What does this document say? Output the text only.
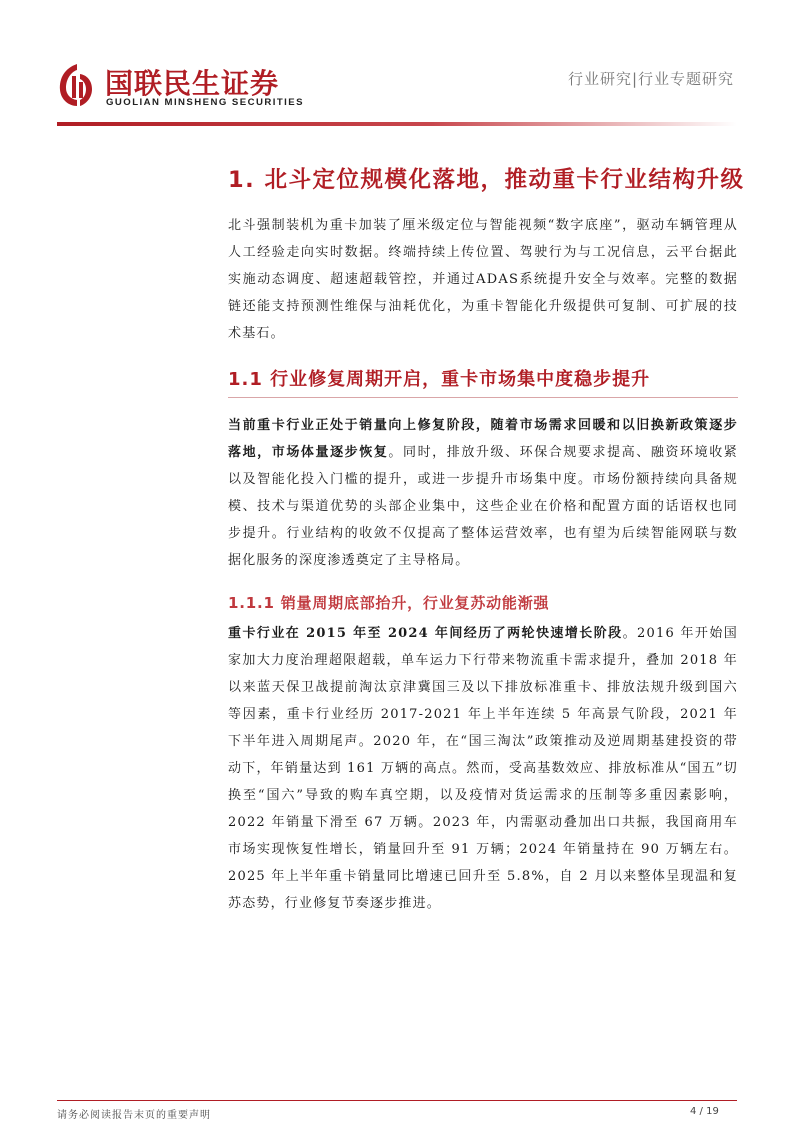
国联民生证券
GUOLIAN MINSHENG SECURITIES
行业研究|行业专题研究
1. 北斗定位规模化落地，推动重卡行业结构升级

北斗强制装机为重卡加装了厘米级定位与智能视频“数字底座”，驱动车辆管理从人工经验走向实时数据。终端持续上传位置、驾驶行为与工况信息，云平台据此实施动态调度、超速超载管控，并通过ADAS系统提升安全与效率。完整的数据链还能支持预测性维保与油耗优化，为重卡智能化升级提供可复制、可扩展的技术基石。

1.1 行业修复周期开启，重卡市场集中度稳步提升

当前重卡行业正处于销量向上修复阶段，随着市场需求回暖和以旧换新政策逐步落地，市场体量逐步恢复。同时，排放升级、环保合规要求提高、融资环境收紧以及智能化投入门槛的提升，或进一步提升市场集中度。市场份额持续向具备规模、技术与渠道优势的头部企业集中，这些企业在价格和配置方面的话语权也同步提升。行业结构的收敛不仅提高了整体运营效率，也有望为后续智能网联与数据化服务的深度渗透奠定了主导格局。

1.1.1 销量周期底部抬升，行业复苏动能渐强

重卡行业在 2015 年至 2024 年间经历了两轮快速增长阶段。2016 年开始国家加大力度治理超限超载，单车运力下行带来物流重卡需求提升，叠加 2018 年以来蓝天保卫战提前淘汰京津冀国三及以下排放标准重卡、排放法规升级到国六等因素，重卡行业经历 2017-2021 年上半年连续 5 年高景气阶段，2021 年下半年进入周期尾声。2020 年，在“国三淘汰”政策推动及逆周期基建投资的带动下，年销量达到 161 万辆的高点。然而，受高基数效应、排放标准从“国五”切换至“国六”导致的购车真空期，以及疫情对货运需求的压制等多重因素影响，2022 年销量下滑至 67 万辆。2023 年，内需驱动叠加出口共振，我国商用车市场实现恢复性增长，销量回升至 91 万辆；2024 年销量持在 90 万辆左右。2025 年上半年重卡销量同比增速已回升至 5.8%，自 2 月以来整体呈现温和复苏态势，行业修复节奏逐步推进。

请务必阅读报告末页的重要声明	4 / 19
